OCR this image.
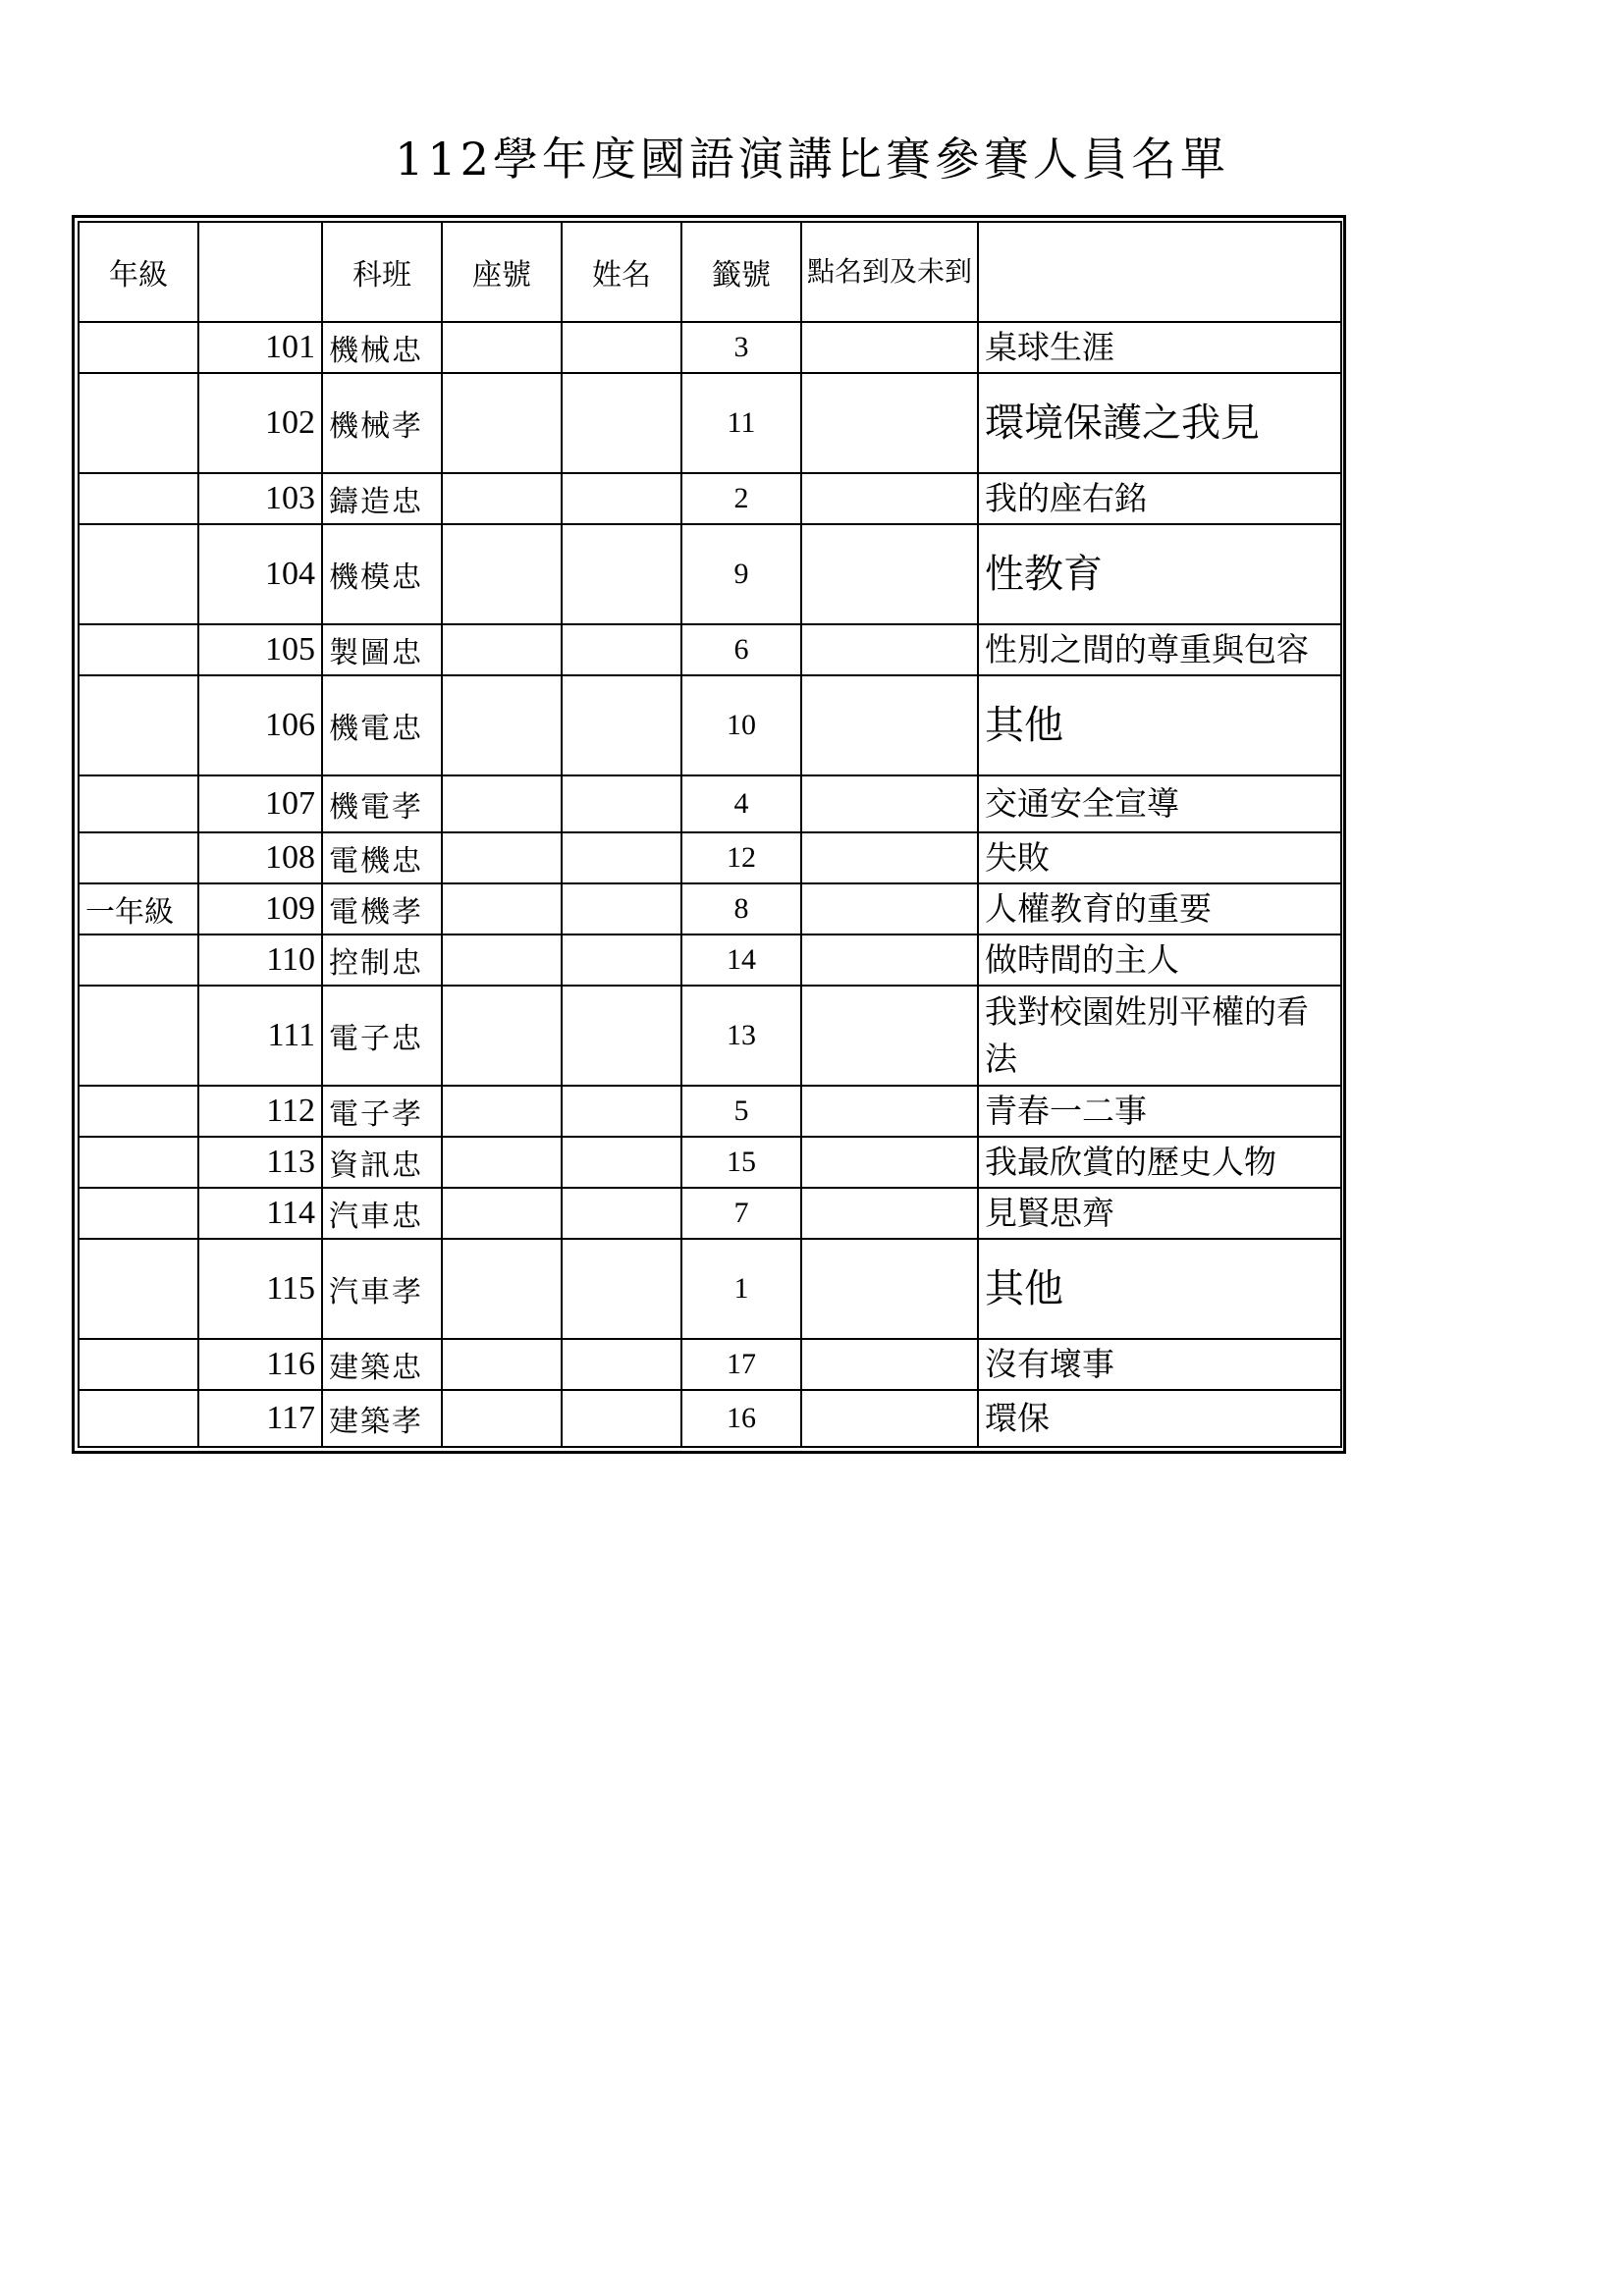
112學年度國語演講比賽參賽人員名單
年級		科班	座號	姓名	籤號	點名到及未到	
	101	機械忠			3		桌球生涯
	102	機械孝			11		環境保護之我見
	103	鑄造忠			2		我的座右銘
	104	機模忠			9		性教育
	105	製圖忠			6		性別之間的尊重與包容
	106	機電忠			10		其他
	107	機電孝			4		交通安全宣導
	108	電機忠			12		失敗
一年級	109	電機孝			8		人權教育的重要
	110	控制忠			14		做時間的主人
	111	電子忠			13		我對校園姓別平權的看法
	112	電子孝			5		青春一二事
	113	資訊忠			15		我最欣賞的歷史人物
	114	汽車忠			7		見賢思齊
	115	汽車孝			1		其他
	116	建築忠			17		沒有壞事
	117	建築孝			16		環保
